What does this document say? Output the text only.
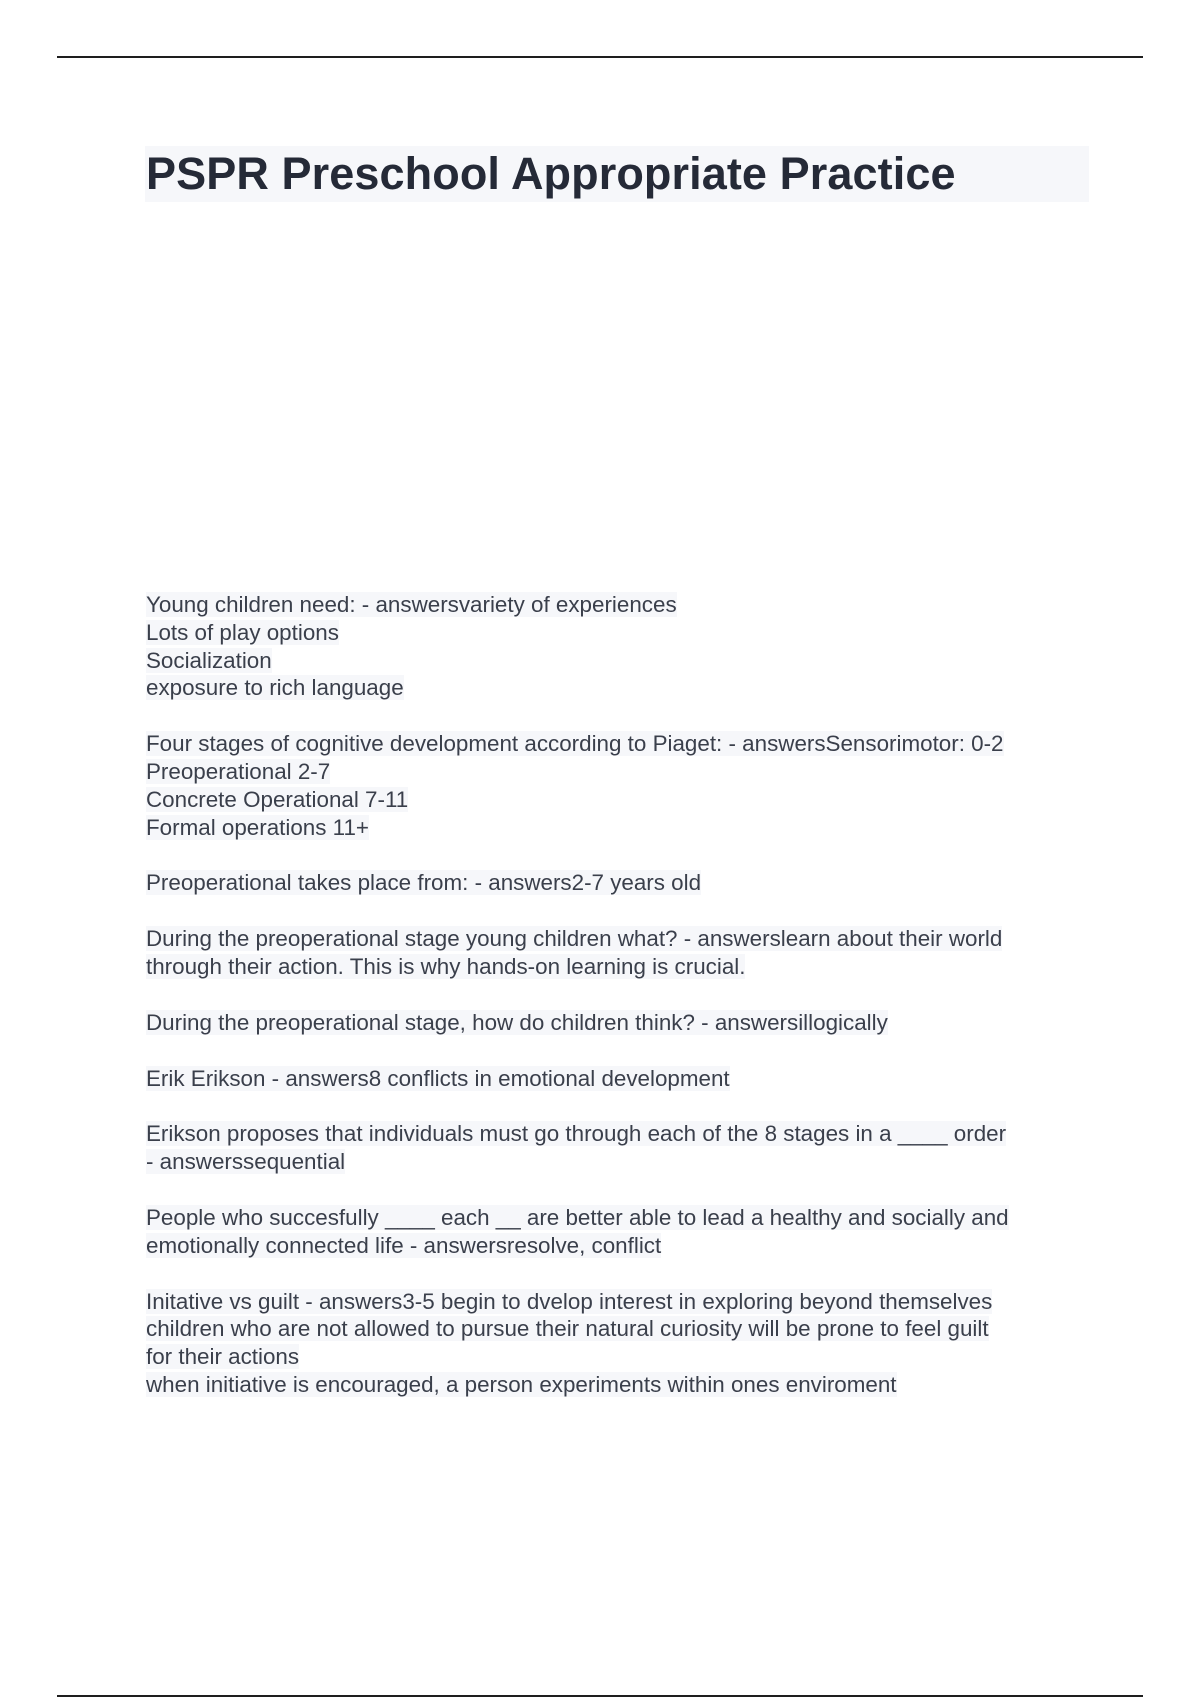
PSPR Preschool Appropriate Practice
Young children need: - answersvariety of experiences
Lots of play options
Socialization
exposure to rich language
Four stages of cognitive development according to Piaget: - answersSensorimotor: 0-2
Preoperational 2-7
Concrete Operational 7-11
Formal operations 11+
Preoperational takes place from: - answers2-7 years old
During the preoperational stage young children what? - answerslearn about their world
through their action. This is why hands-on learning is crucial.
During the preoperational stage, how do children think? - answersillogically
Erik Erikson - answers8 conflicts in emotional development
Erikson proposes that individuals must go through each of the 8 stages in a ____ order
- answerssequential
People who succesfully ____ each __ are better able to lead a healthy and socially and
emotionally connected life - answersresolve, conflict
Initative vs guilt - answers3-5 begin to dvelop interest in exploring beyond themselves
children who are not allowed to pursue their natural curiosity will be prone to feel guilt
for their actions
when initiative is encouraged, a person experiments within ones enviroment
